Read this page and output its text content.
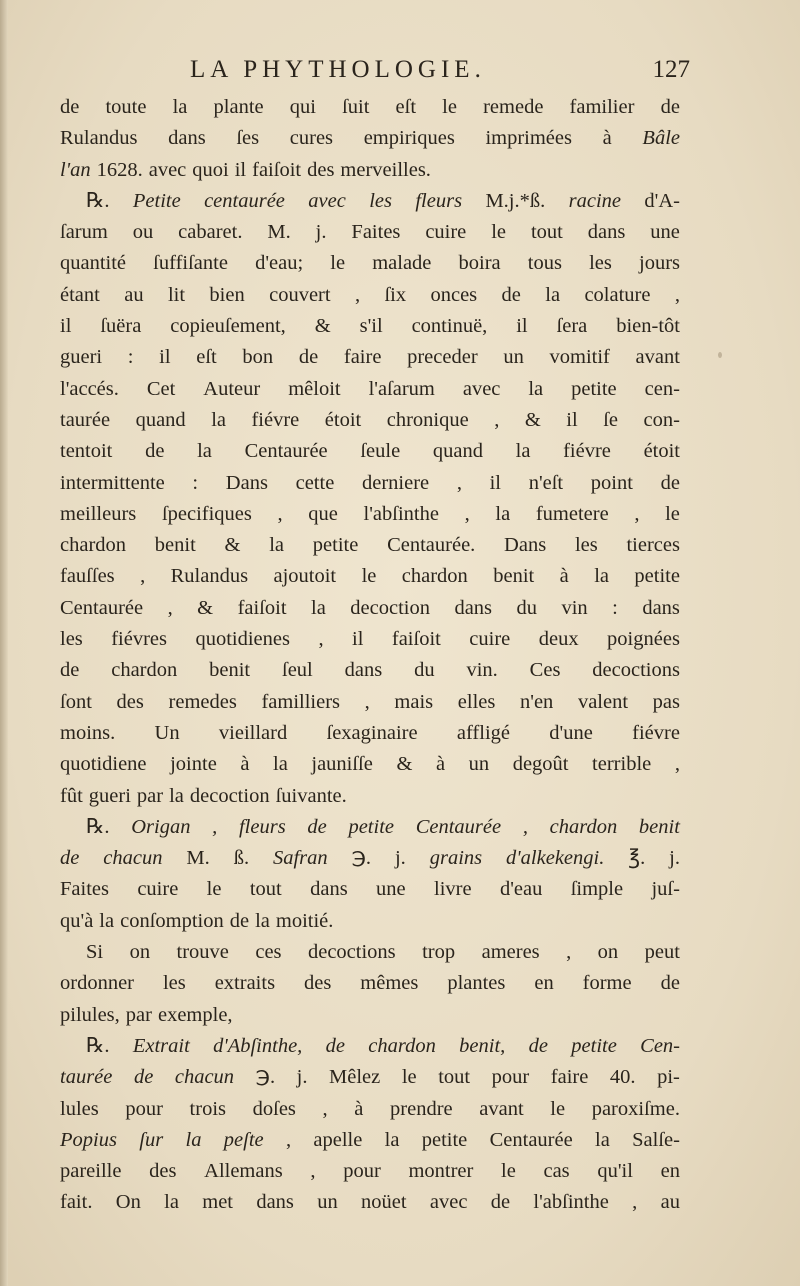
LA PHYTHOLOGIE.	127
de toute la plante qui ſuit eſt le remede familier de
Rulandus dans ſes cures empiriques imprimées à Bâle
l'an 1628. avec quoi il faiſoit des merveilles.
℞. Petite centaurée avec les fleurs M.j.*ß. racine d'A-
ſarum ou cabaret. M. j. Faites cuire le tout dans une
quantité ſuffiſante d'eau; le malade boira tous les jours
étant au lit bien couvert , ſix onces de la colature ,
il ſuëra copieuſement, & s'il continuë, il ſera bien-tôt
gueri : il eſt bon de faire preceder un vomitif avant
l'accés. Cet Auteur mêloit l'aſarum avec la petite cen-
taurée quand la fiévre étoit chronique , & il ſe con-
tentoit de la Centaurée ſeule quand la fiévre étoit
intermittente : Dans cette derniere , il n'eſt point de
meilleurs ſpecifiques , que l'abſinthe , la fumetere , le
chardon benit & la petite Centaurée. Dans les tierces
fauſſes , Rulandus ajoutoit le chardon benit à la petite
Centaurée , & faiſoit la decoction dans du vin : dans
les fiévres quotidienes , il faiſoit cuire deux poignées
de chardon benit ſeul dans du vin. Ces decoctions
ſont des remedes familliers , mais elles n'en valent pas
moins. Un vieillard ſexaginaire affligé d'une fiévre
quotidiene jointe à la jauniſſe & à un degoût terrible ,
fût gueri par la decoction ſuivante.
℞. Origan , fleurs de petite Centaurée , chardon benit
de chacun M. ß. Safran ℈. j. grains d'alkekengi. ℥. j.
Faites cuire le tout dans une livre d'eau ſimple juſ-
qu'à la conſomption de la moitié.
Si on trouve ces decoctions trop ameres , on peut
ordonner les extraits des mêmes plantes en forme de
pilules, par exemple,
℞. Extrait d'Abſinthe, de chardon benit, de petite Cen-
taurée de chacun ℈. j. Mêlez le tout pour faire 40. pi-
lules pour trois doſes , à prendre avant le paroxiſme.
Popius ſur la peſte , apelle la petite Centaurée la Salſe-
pareille des Allemans , pour montrer le cas qu'il en
fait. On la met dans un noüet avec de l'abſinthe , au
